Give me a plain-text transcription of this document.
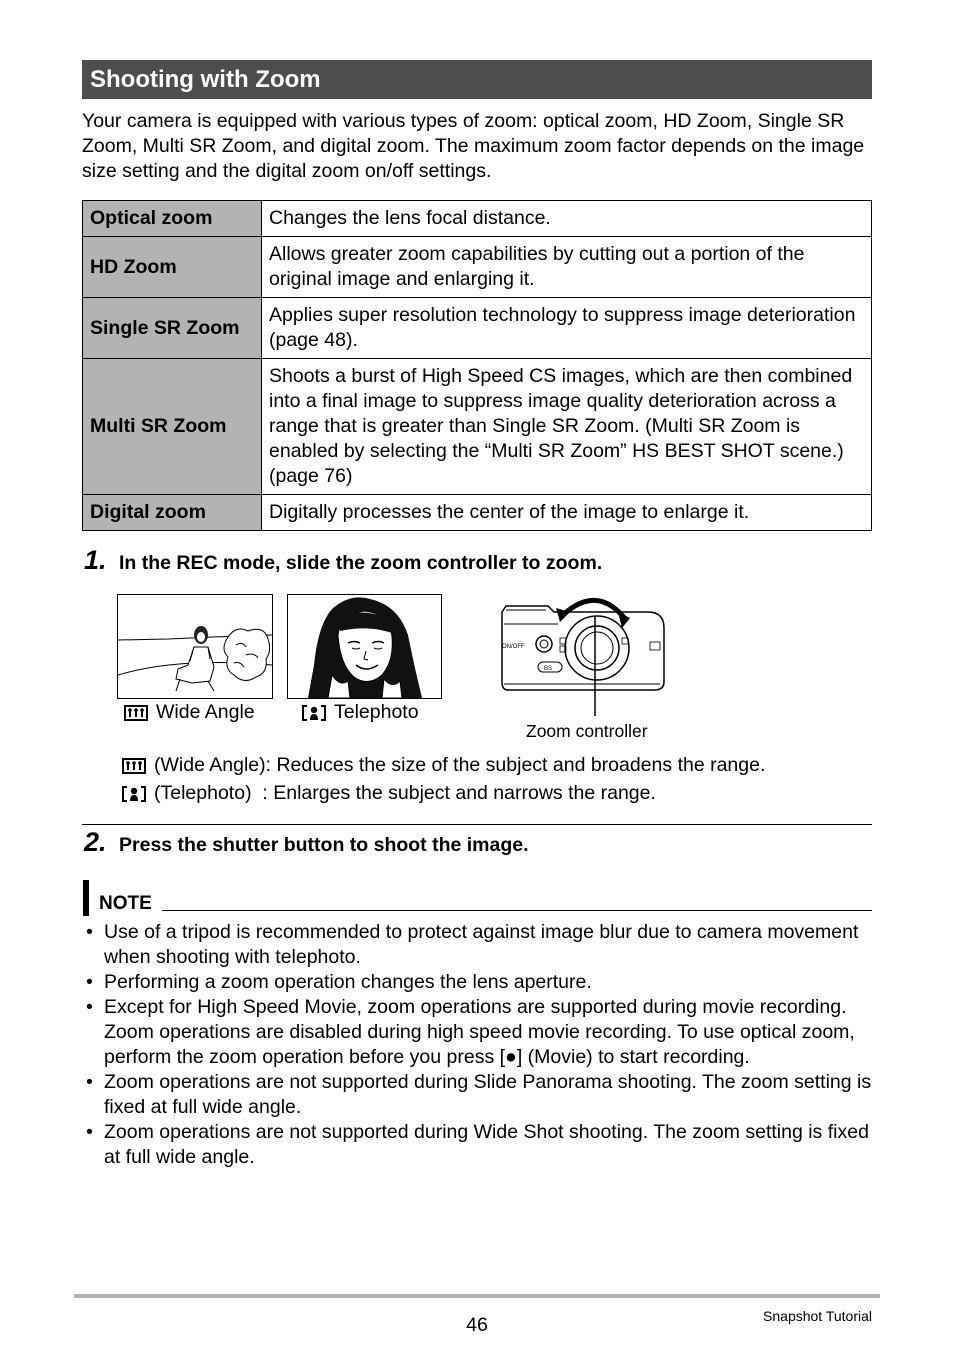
Shooting with Zoom
Your camera is equipped with various types of zoom: optical zoom, HD Zoom, Single SR Zoom, Multi SR Zoom, and digital zoom. The maximum zoom factor depends on the image size setting and the digital zoom on/off settings.
Optical zoom	Changes the lens focal distance.
HD Zoom	Allows greater zoom capabilities by cutting out a portion of the original image and enlarging it.
Single SR Zoom	Applies super resolution technology to suppress image deterioration (page 48).
Multi SR Zoom	Shoots a burst of High Speed CS images, which are then combined into a final image to suppress image quality deterioration across a range that is greater than Single SR Zoom. (Multi SR Zoom is enabled by selecting the “Multi SR Zoom” HS BEST SHOT scene.) (page 76)
Digital zoom	Digitally processes the center of the image to enlarge it.
1. In the REC mode, slide the zoom controller to zoom.
Wide Angle	Telephoto
ON/OFF
BS
Zoom controller
(Wide Angle): Reduces the size of the subject and broadens the range.
(Telephoto) : Enlarges the subject and narrows the range.
2. Press the shutter button to shoot the image.
NOTE
• Use of a tripod is recommended to protect against image blur due to camera movement when shooting with telephoto.
• Performing a zoom operation changes the lens aperture.
• Except for High Speed Movie, zoom operations are supported during movie recording. Zoom operations are disabled during high speed movie recording. To use optical zoom, perform the zoom operation before you press [●] (Movie) to start recording.
• Zoom operations are not supported during Slide Panorama shooting. The zoom setting is fixed at full wide angle.
• Zoom operations are not supported during Wide Shot shooting. The zoom setting is fixed at full wide angle.
46	Snapshot Tutorial
